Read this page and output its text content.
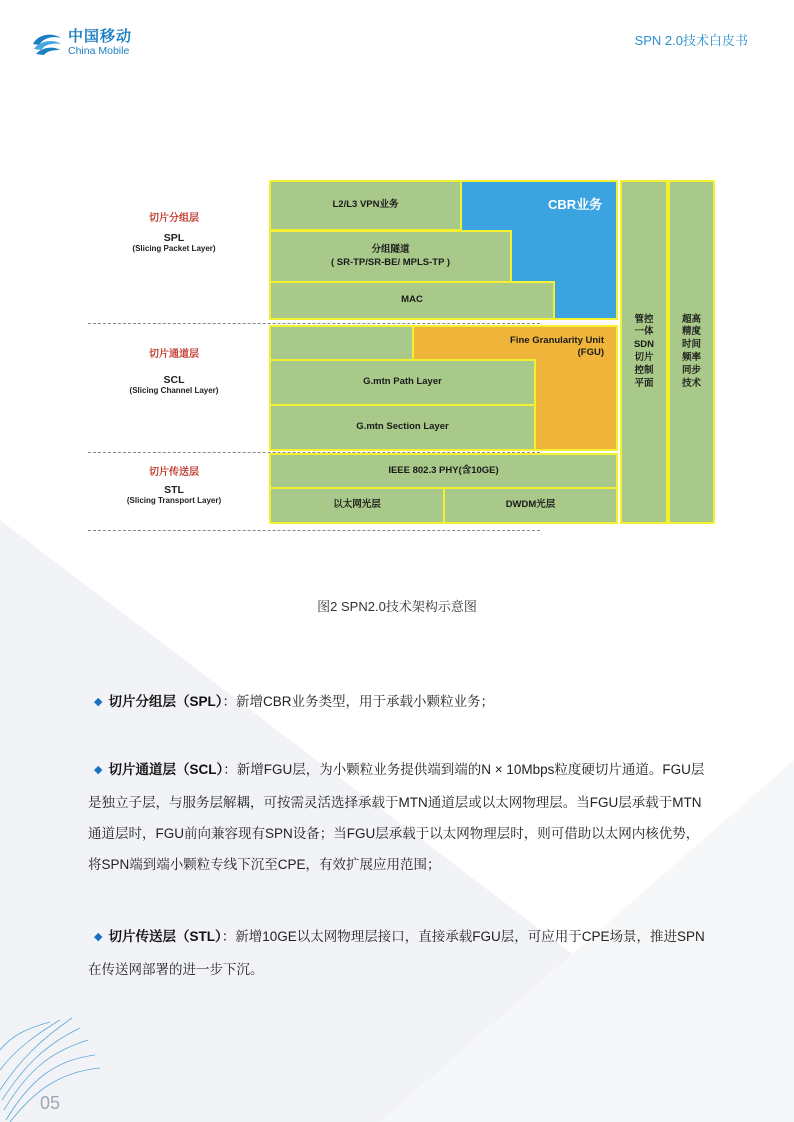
中国移动
China Mobile
SPN 2.0技术白皮书
切片分组层
SPL
(Slicing Packet Layer)
切片通道层
SCL
(Slicing Channel Layer)
切片传送层
STL
(Slicing Transport Layer)
CBR业务
L2/L3 VPN业务
分组隧道
( SR-TP/SR-BE/ MPLS-TP )
MAC
Fine Granularity Unit
(FGU)
G.mtn Path Layer
G.mtn Section Layer
IEEE 802.3 PHY(含10GE)
以太网光层	DWDM光层
管控一体SDN切片控制平面
超高精度时间频率同步技术
图2 SPN2.0技术架构示意图
◆ 切片分组层（SPL）：新增CBR业务类型，用于承载小颗粒业务；
◆ 切片通道层（SCL）：新增FGU层，为小颗粒业务提供端到端的N × 10Mbps粒度硬切片通道。FGU层是独立子层，与服务层解耦，可按需灵活选择承载于MTN通道层或以太网物理层。当FGU层承载于MTN通道层时，FGU前向兼容现有SPN设备；当FGU层承载于以太网物理层时，则可借助以太网内核优势，将SPN端到端小颗粒专线下沉至CPE，有效扩展应用范围；
◆ 切片传送层（STL）：新增10GE以太网物理层接口，直接承载FGU层，可应用于CPE场景，推进SPN在传送网部署的进一步下沉。
05
